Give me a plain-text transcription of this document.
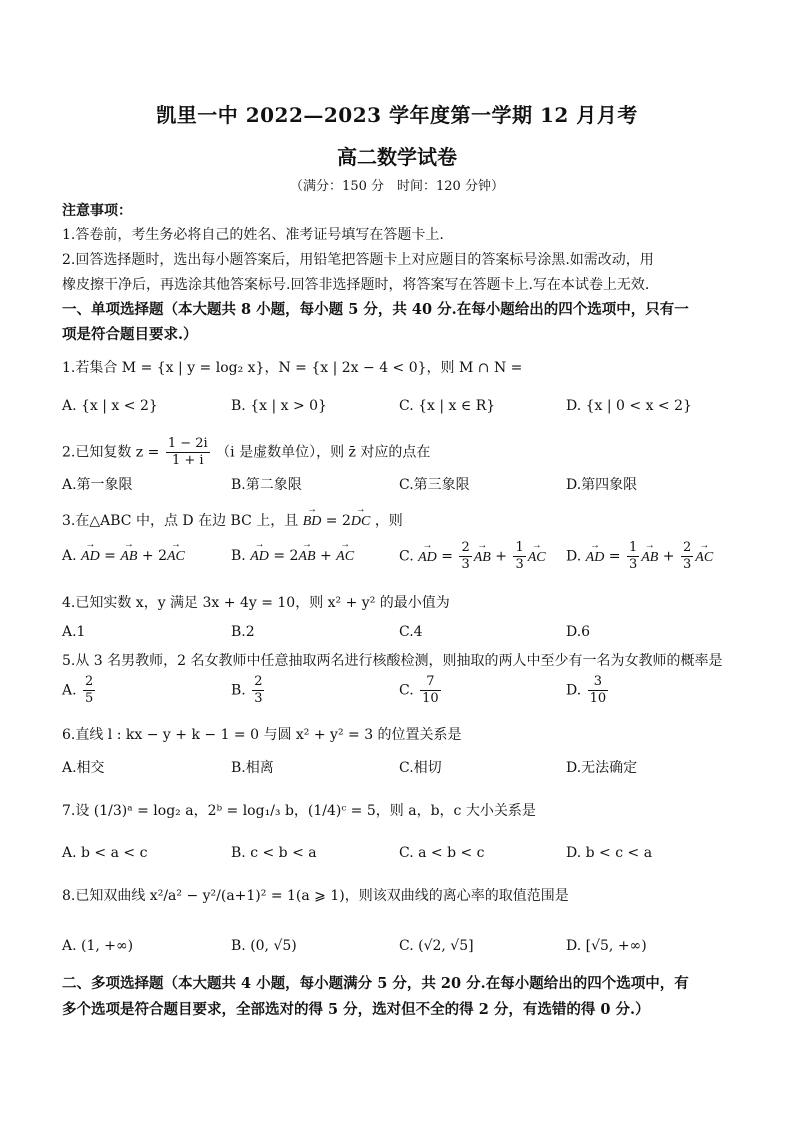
凯里一中 2022—2023 学年度第一学期 12 月月考
高二数学试卷
（满分：150 分　时间：120 分钟）
注意事项：
1.答卷前，考生务必将自己的姓名、准考证号填写在答题卡上.
2.回答选择题时，选出每小题答案后，用铅笔把答题卡上对应题目的答案标号涂黑.如需改动，用
橡皮擦干净后，再选涂其他答案标号.回答非选择题时，将答案写在答题卡上.写在本试卷上无效.
一、单项选择题（本大题共 8 小题，每小题 5 分，共 40 分.在每小题给出的四个选项中，只有一
项是符合题目要求.）
1.若集合 M = {x | y = log₂ x}，N = {x | 2x − 4 < 0}，则 M ∩ N =
A. {x | x < 2}	B. {x | x > 0}	C. {x | x ∈ R}	D. {x | 0 < x < 2}
2.已知复数 $z = \frac{1 - 2i}{1 + i} (i$ 是虚数单位），则 z̄ 对应的点在
A.第一象限	B.第二象限	C.第三象限	D.第四象限
3.在△ABC 中，点 D 在边 BC 上，且 → BD = 2→ DC ，则
A. → AD = → AB + 2→ AC	B. → AD = 2→ AB + → AC	C. → AD = $\frac{2}{3}$ → AB + $\frac{1}{3}$ → AC D. → AD = $\frac{1}{3}$ → AB + $\frac{2}{3}$ → AC
4.已知实数 x，y 满足 3x + 4y = 10，则 x² + y² 的最小值为
A.1	B.2	C.4	D.6
5.从 3 名男教师，2 名女教师中任意抽取两名进行核酸检测，则抽取的两人中至少有一名为女教师的概率是
A. $\frac{2}{5}$	B. $\frac{2}{3}$	C. $\frac{7}{10}$	D. $\frac{3}{10}$
6.直线 l : kx − y + k − 1 = 0 与圆 x² + y² = 3 的位置关系是
A.相交	B.相离	C.相切	D.无法确定
7.设 (1/3)ᵃ = log₂ a，2ᵇ = log₁/₃ b，(1/4)ᶜ = 5，则 a，b，c 大小关系是
A. b < a < c	B. c < b < a	C. a < b < c	D. b < c < a
8.已知双曲线 x²/a² − y²/(a+1)² = 1(a ⩾ 1)，则该双曲线的离心率的取值范围是
A. (1, +∞)	B. (0, √5)	C. (√2, √5]	D. [√5, +∞)
二、多项选择题（本大题共 4 小题，每小题满分 5 分，共 20 分.在每小题给出的四个选项中，有
多个选项是符合题目要求，全部选对的得 5 分，选对但不全的得 2 分，有选错的得 0 分.）
